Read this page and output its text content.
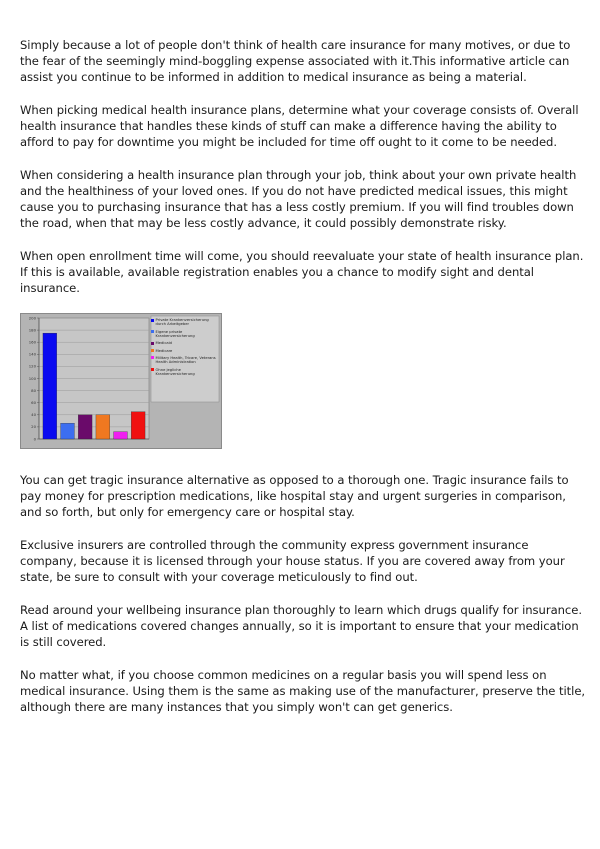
Simply because a lot of people don't think of health care insurance for many motives, or due to the fear of the seemingly mind-boggling expense associated with it.This informative article can assist you continue to be informed in addition to medical insurance as being a material.

When picking medical health insurance plans, determine what your coverage consists of. Overall health insurance that handles these kinds of stuff can make a difference having the ability to afford to pay for downtime you might be included for time off ought to it come to be needed.

When considering a health insurance plan through your job, think about your own private health and the healthiness of your loved ones. If you do not have predicted medical issues, this might cause you to purchasing insurance that has a less costly premium. If you will find troubles down the road, when that may be less costly advance, it could possibly demonstrate risky.

When open enrollment time will come, you should reevaluate your state of health insurance plan. If this is available, available registration enables you a chance to modify sight and dental insurance.

0
20
40
60
80
100
120
140
160
180
200	Private Krankenversicherung durch Arbeitgeber
Eigene private Krankenversicherung
Medicaid
Medicare
Military Health, Tricare, Veterans Health Administration
Ohne jegliche Krankenversicherung

You can get tragic insurance alternative as opposed to a thorough one. Tragic insurance fails to pay money for prescription medications, like hospital stay and urgent surgeries in comparison, and so forth, but only for emergency care or hospital stay.

Exclusive insurers are controlled through the community express government insurance company, because it is licensed through your house status. If you are covered away from your state, be sure to consult with your coverage meticulously to find out.

Read around your wellbeing insurance plan thoroughly to learn which drugs qualify for insurance. A list of medications covered changes annually, so it is important to ensure that your medication is still covered.

No matter what, if you choose common medicines on a regular basis you will spend less on medical insurance. Using them is the same as making use of the manufacturer, preserve the title, although there are many instances that you simply won't can get generics.
